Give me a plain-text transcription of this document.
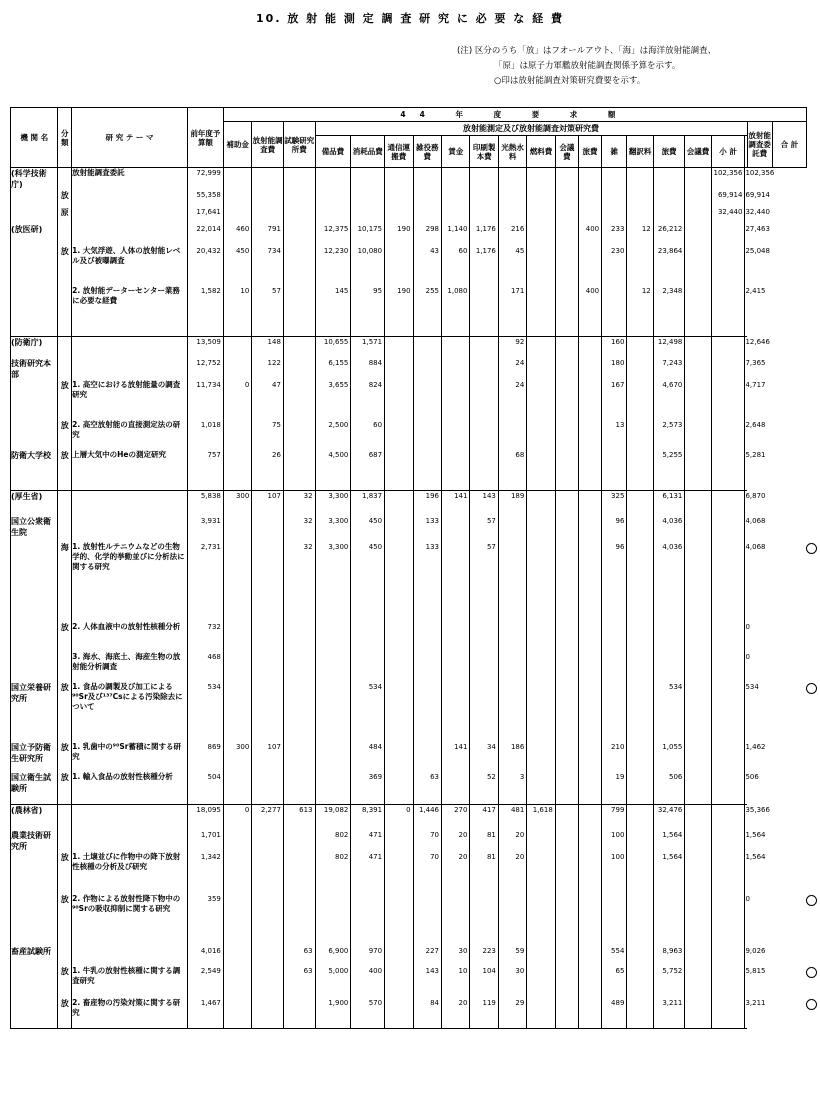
10. 放 射 能 測 定 調 査 研 究 に 必 要 な 経 費
(注) 区分のうち「放」はフオールアウト、「海」は海洋放射能調査、
「原」は原子力軍艦放射能調査関係予算を示す。
○印は放射能調査対策研究費要を示す。
機 関 名	分 類	研 究 テ ー マ	前年度予算額	44 年 度 要 求 額																				
				補助金	放射能調査費	試験研究所費	放射能測定及び放射能調査対策研究費																放射能調査委託費	合 計
							備品費	消耗品費	通信運搬費	雑役務費	賃金	印刷製本費	光熱水料	燃料費	会議費	旅費	雑	翻訳料	旅費	会議費	小 計			
(科学技術庁)		放射能調査委託	72,999																		102,356	102,356		
	放		55,358																		69,914	69,914		
	原		17,641																		32,440	32,440		
(放医研)			22,014	460	791		12,375	10,175	190	298	1,140	1,176	216			400	233	12	26,212			27,463		
	放	1. 大気浮遊、人体の放射能レベル及び被曝調査	20,432	450	734		12,230	10,080		43	60	1,176	45				230		23,864			25,048		
		2. 放射能データーセンター業務に必要な経費	1,582	10	57		145	95	190	255	1,080		171			400		12	2,348			2,415		
(防衛庁)			13,509		148		10,655	1,571					92				160		12,498			12,646		
技術研究本部			12,752		122		6,155	884					24				180		7,243			7,365		
	放	1. 高空における放射能量の調査研究	11,734	0	47		3,655	824					24				167		4,670			4,717		
	放	2. 高空放射能の直接測定法の研究	1,018		75		2,500	60									13		2,573			2,648		
防衛大学校	放	上層大気中のHeの測定研究	757		26		4,500	687					68						5,255			5,281		
(厚生省)			5,838	300	107	32	3,300	1,837		196	141	143	189				325		6,131			6,870		
国立公衆衛生院			3,931			32	3,300	450		133		57					96		4,036			4,068		
	海	1. 放射性ルテニウムなどの生物学的、化学的挙動並びに分析法に関する研究	2,731			32	3,300	450		133		57					96		4,036			4,068		
	放	2. 人体血液中の放射性核種分析	732																			0		
		3. 海水、海底土、海産生物の放射能分析調査	468																			0		
国立栄養研究所	放	1. 食品の調製及び加工による⁹⁰Sr及び¹³⁷Csによる汚染除去について	534					534											534			534		
国立予防衛生研究所	放	1. 乳歯中の⁹⁰Sr蓄積に関する研究	869	300	107			484			141	34	186				210		1,055			1,462		
国立衛生試験所	放	1. 輸入食品の放射性核種分析	504					369		63		52	3				19		506			506		
(農林省)			18,095	0	2,277	613	19,082	8,391	0	1,446	270	417	481	1,618			799		32,476			35,366		
農業技術研究所			1,701				802	471		70	20	81	20				100		1,564			1,564		
	放	1. 土壌並びに作物中の降下放射性核種の分析及び研究	1,342				802	471		70	20	81	20				100		1,564			1,564		
	放	2. 作物による放射性降下物中の⁹⁰Srの吸収抑制に関する研究	359																			0		
畜産試験所			4,016			63	6,900	970		227	30	223	59				554		8,963			9,026		
	放	1. 牛乳の放射性核種に関する調査研究	2,549			63	5,000	400		143	10	104	30				65		5,752			5,815		
	放	2. 畜産物の汚染対策に関する研究	1,467				1,900	570		84	20	119	29				489		3,211			3,211		
